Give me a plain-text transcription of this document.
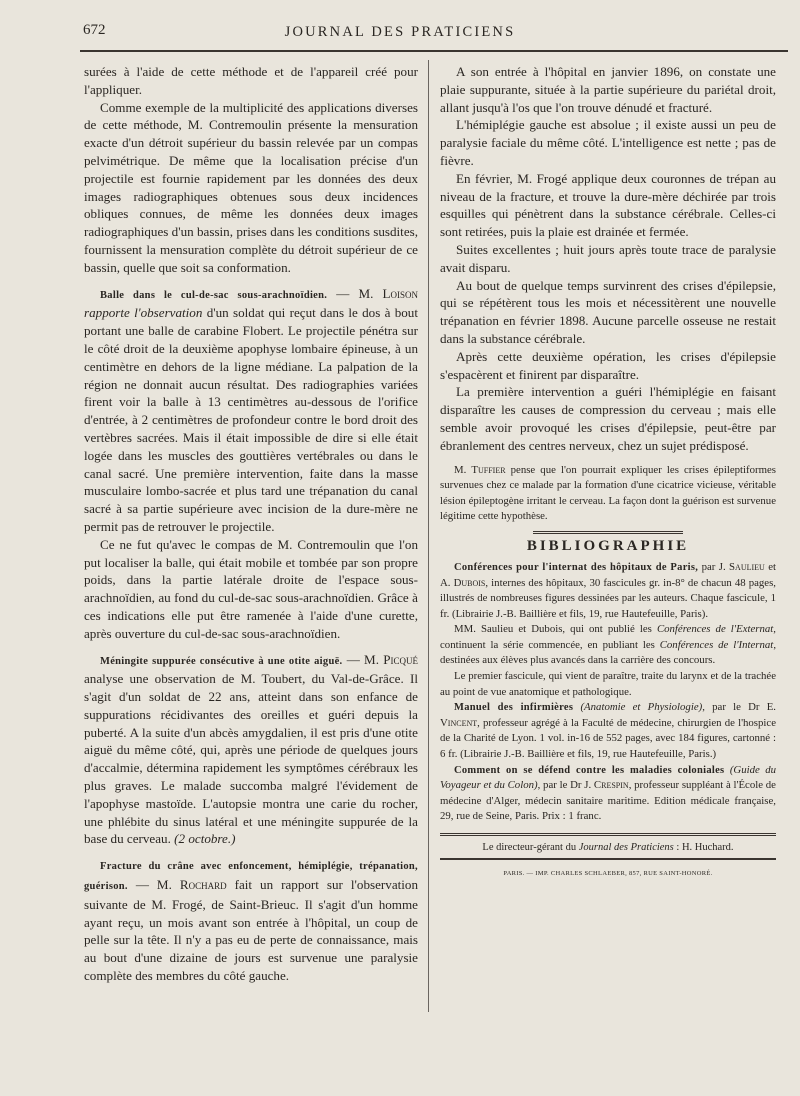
672	JOURNAL DES PRATICIENS

surées à l'aide de cette méthode et de l'appareil créé pour l'appliquer.

Comme exemple de la multiplicité des applications diverses de cette méthode, M. Contremoulin présente la mensuration exacte d'un détroit supérieur du bassin relevée par un compas pelvimétrique. De même que la localisation précise d'un projectile est fournie rapidement par les données des deux images radiographiques obtenues sous deux incidences obliques connues, de même les données deux images radiographiques d'un bassin, prises dans les conditions susdites, fournissent la mensuration complète du détroit supérieur de ce bassin, quelle que soit sa conformation.

Balle dans le cul-de-sac sous-arachnoïdien. — M. Loison rapporte l'observation d'un soldat qui reçut dans le dos à bout portant une balle de carabine Flobert. Le projectile pénétra sur le côté droit de la deuxième apophyse lombaire épineuse, à un centimètre en dehors de la ligne médiane. La palpation de la région ne donnait aucun résultat. Des radiographies variées firent voir la balle à 13 centimètres au-dessous de l'orifice d'entrée, à 2 centimètres de profondeur contre le bord droit des vertèbres sacrées. Mais il était impossible de dire si elle était logée dans les muscles des gouttières vertébrales ou dans le canal sacré. Une première intervention, faite dans la masse musculaire lombo-sacrée et plus tard une trépanation du canal sacré à sa partie supérieure avec incision de la dure-mère ne permit pas de retrouver le projectile.

Ce ne fut qu'avec le compas de M. Contremoulin que l'on put localiser la balle, qui était mobile et tombée par son propre poids, dans la partie latérale droite de l'espace sous-arachnoïdien, au fond du cul-de-sac sous-arachnoïdien. Grâce à ces indications elle put être ramenée à l'aide d'une curette, après ouverture du cul-de-sac sous-arachnoïdien.

Méningite suppurée consécutive à une otite aiguë. — M. Picqué analyse une observation de M. Toubert, du Val-de-Grâce. Il s'agit d'un soldat de 22 ans, atteint dans son enfance de suppurations récidivantes des oreilles et guéri depuis la puberté. A la suite d'un abcès amygdalien, il est pris d'une otite aiguë du même côté, qui, après une période de quelques jours d'accalmie, détermina rapidement les symptômes cérébraux les plus graves. Le malade succomba malgré l'évidement de l'apophyse mastoïde. L'autopsie montra une carie du rocher, une phlébite du sinus latéral et une méningite suppurée de la base du cerveau. (2 octobre.)

Fracture du crâne avec enfoncement, hémiplégie, trépanation, guérison. — M. Rochard fait un rapport sur l'observation suivante de M. Frogé, de Saint-Brieuc. Il s'agit d'un homme ayant reçu, un mois avant son entrée à l'hôpital, un coup de pelle sur la tête. Il n'y a pas eu de perte de connaissance, mais au bout d'une dizaine de jours est survenue une paralysie complète des membres du côté gauche.

A son entrée à l'hôpital en janvier 1896, on constate une plaie suppurante, située à la partie supérieure du pariétal droit, allant jusqu'à l'os que l'on trouve dénudé et fracturé.

L'hémiplégie gauche est absolue ; il existe aussi un peu de paralysie faciale du même côté. L'intelligence est nette ; pas de fièvre.

En février, M. Frogé applique deux couronnes de trépan au niveau de la fracture, et trouve la dure-mère déchirée par trois esquilles qui pénètrent dans la substance cérébrale. Celles-ci sont retirées, puis la plaie est drainée et fermée.

Suites excellentes ; huit jours après toute trace de paralysie avait disparu.

Au bout de quelque temps survinrent des crises d'épilepsie, qui se répétèrent tous les mois et nécessitèrent une nouvelle trépanation en février 1898. Aucune parcelle osseuse ne restait dans la substance cérébrale.

Après cette deuxième opération, les crises d'épilepsie s'espacèrent et finirent par disparaître.

La première intervention a guéri l'hémiplégie en faisant disparaître les causes de compression du cerveau ; mais elle semble avoir provoqué les crises d'épilepsie, peut-être par ébranlement des centres nerveux, chez un sujet prédisposé.

M. Tuffier pense que l'on pourrait expliquer les crises épileptiformes survenues chez ce malade par la formation d'une cicatrice vicieuse, véritable lésion épileptogène irritant le cerveau. La façon dont la guérison est survenue légitime cette hypothèse.

BIBLIOGRAPHIE

Conférences pour l'internat des hôpitaux de Paris, par J. Saulieu et A. Dubois, internes des hôpitaux, 30 fascicules gr. in-8° de chacun 48 pages, illustrés de nombreuses figures dessinées par les auteurs. Chaque fascicule, 1 fr. (Librairie J.-B. Baillière et fils, 19, rue Hautefeuille, Paris).

MM. Saulieu et Dubois, qui ont publié les Conférences de l'Externat, continuent la série commencée, en publiant les Conférences de l'Internat, destinées aux élèves plus avancés dans la carrière des concours.

Le premier fascicule, qui vient de paraître, traite du larynx et de la trachée au point de vue anatomique et pathologique.

Manuel des infirmières (Anatomie et Physiologie), par le Dr E. Vincent, professeur agrégé à la Faculté de médecine, chirurgien de l'hospice de la Charité de Lyon. 1 vol. in-16 de 552 pages, avec 184 figures, cartonné : 6 fr. (Librairie J.-B. Baillière et fils, 19, rue Hautefeuille, Paris.)

Comment on se défend contre les maladies coloniales (Guide du Voyageur et du Colon), par le Dr J. Crespin, professeur suppléant à l'École de médecine d'Alger, médecin sanitaire maritime. Edition médicale française, 29, rue de Seine, Paris. Prix : 1 franc.

Le directeur-gérant du Journal des Praticiens : H. Huchard.
PARIS. — IMP. CHARLES SCHLAEBER, 857, RUE SAINT-HONORÉ.
